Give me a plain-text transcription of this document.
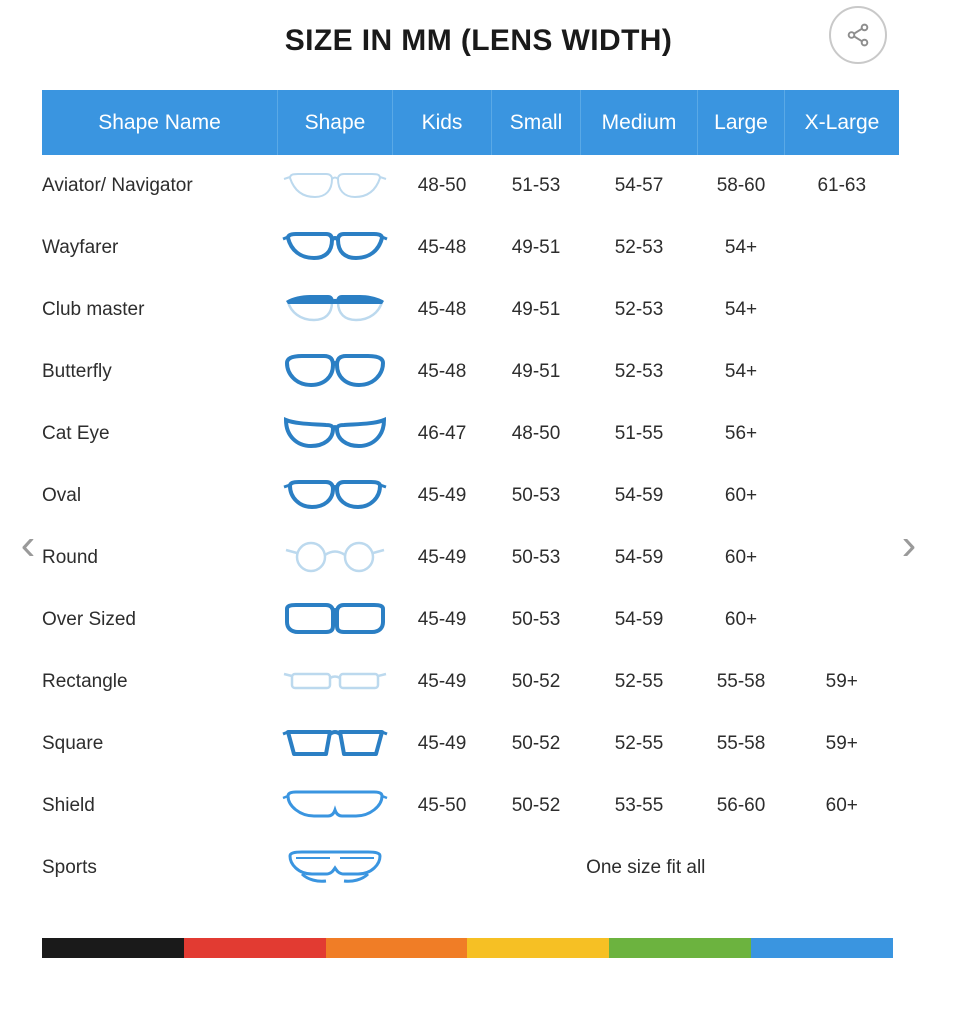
SIZE IN MM (LENS WIDTH)
‹	›
Shape Name	Shape	Kids	Small	Medium	Large	X-Large
Aviator/ Navigator		48-50	51-53	54-57	58-60	61-63
Wayfarer		45-48	49-51	52-53	54+	
Club master		45-48	49-51	52-53	54+	
Butterfly		45-48	49-51	52-53	54+	
Cat Eye		46-47	48-50	51-55	56+	
Oval		45-49	50-53	54-59	60+	
Round		45-49	50-53	54-59	60+	
Over Sized		45-49	50-53	54-59	60+	
Rectangle		45-49	50-52	52-55	55-58	59+
Square		45-49	50-52	52-55	55-58	59+
Shield		45-50	50-52	53-55	56-60	60+
Sports		One size fit all				
